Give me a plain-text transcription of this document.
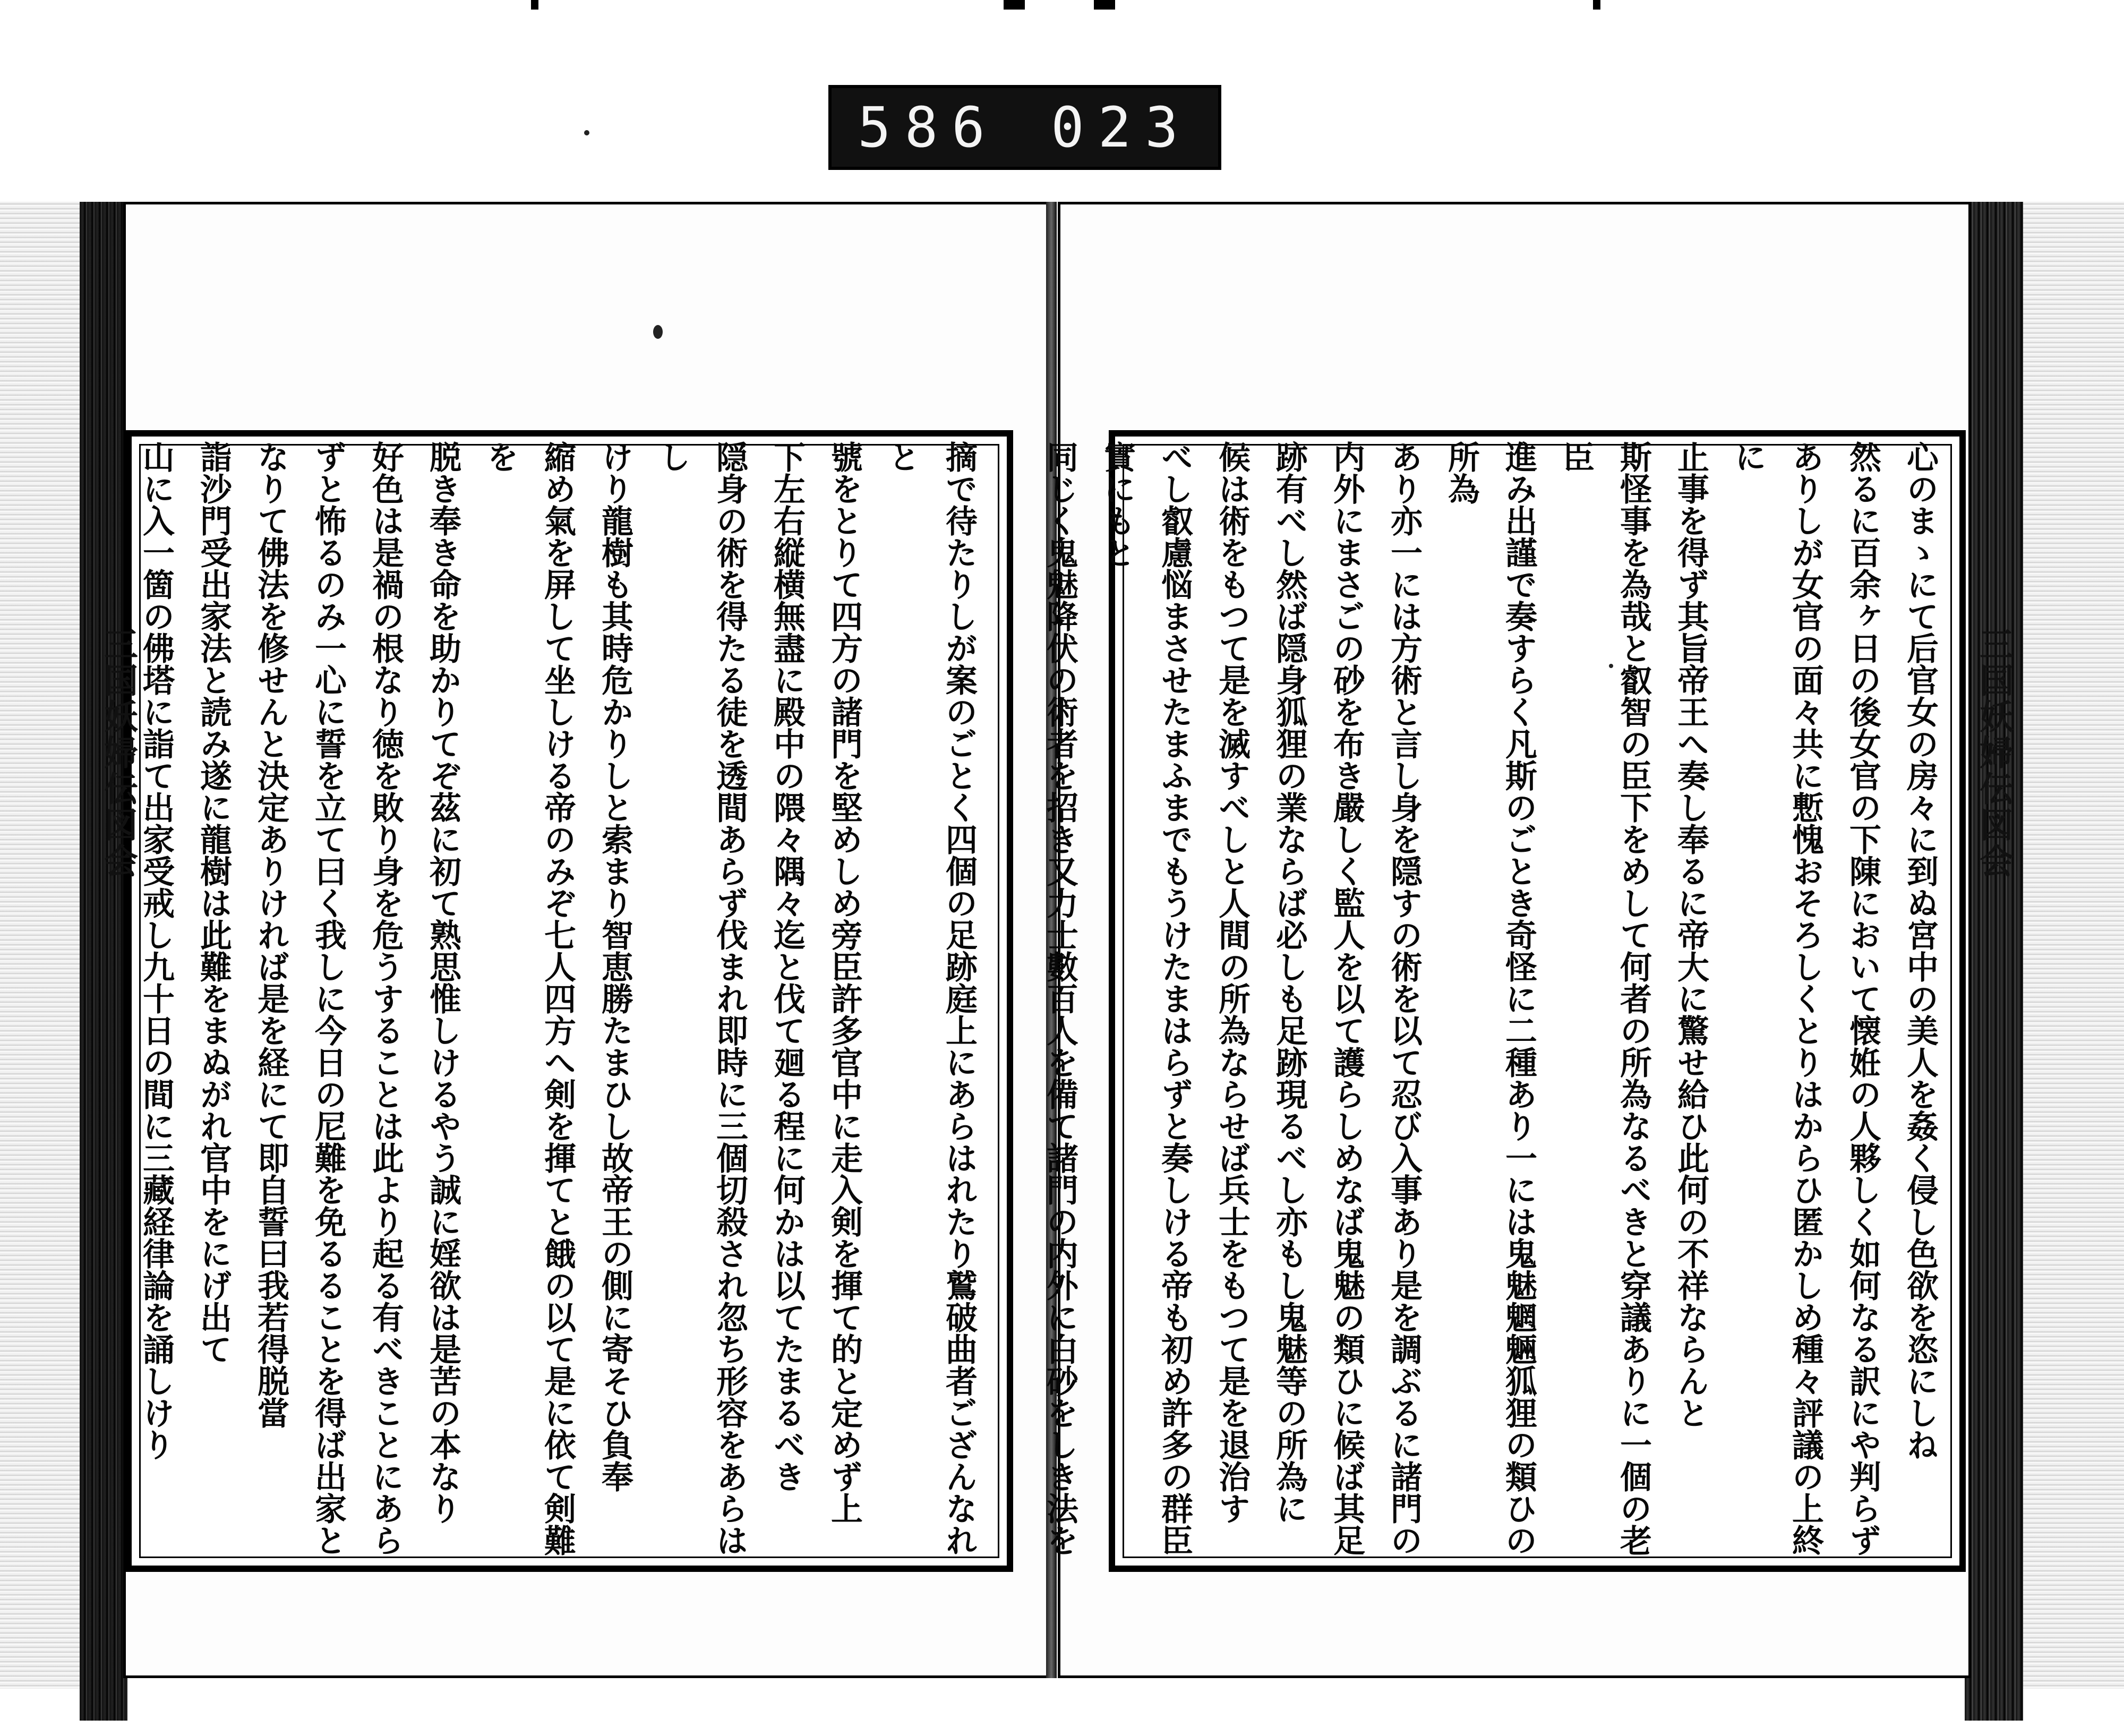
586 023
三国妖婦伝図会	三国妖婦伝図会

心のまゝにて后官女の房々に到ぬ宮中の美人を姦く侵し色欲を恣にしね

然るに百余ヶ日の後女官の下陳において懐姙の人夥しく如何なる訳にや判らず

ありしが女官の面々共に慙愧おそろしくとりはからひ匿かしめ種々評議の上終に

止事を得ず其旨帝王へ奏し奉るに帝大に驚せ給ひ此何の不祥ならんと

斯怪事を為哉と叡智の臣下をめして何者の所為なるべきと穿議ありに一個の老臣

進み出謹で奏すらく凡斯のごとき奇怪に二種あり一には鬼魅魍魎狐狸の類ひの所為

あり亦一には方術と言し身を隠すの術を以て忍び入事あり是を調ぶるに諸門の

内外にまさごの砂を布き嚴しく監人を以て護らしめなば鬼魅の類ひに候ば其足

跡有べし然ば隠身狐狸の業ならば必しも足跡現るべし亦もし鬼魅等の所為に

候は術をもつて是を滅すべしと人間の所為ならせば兵士をもつて是を退治す

べし叡慮悩まさせたまふまでもうけたまはらずと奏しける帝も初め許多の群臣實にもと

同じく鬼魅降伏の術者を招き又力士數百人を備て諸門の内外に白砂をしき法を

摘で待たりしが案のごとく四個の足跡庭上にあらはれたり鷲破曲者ござんなれと

號をとりて四方の諸門を堅めしめ旁臣許多官中に走入剣を揮て的と定めず上

下左右縦横無盡に殿中の隈々隅々迄と伐て廻る程に何かは以てたまるべき

隠身の術を得たる徒を透間あらず伐まれ即時に三個切殺され忽ち形容をあらはし

けり龍樹も其時危かりしと索まり智恵勝たまひし故帝王の側に寄そひ負奉

縮め氣を屏して坐しける帝のみぞ七人四方へ剣を揮てと餓の以て是に依て剣難を

脱き奉き命を助かりてぞ茲に初て熟思惟しけるやう誠に婬欲は是苦の本なり

好色は是禍の根なり徳を敗り身を危うすることは此より起る有べきことにあら

ずと怖るのみ一心に誓を立て曰く我しに今日の尼難を免るることを得ば出家と

なりて佛法を修せんと決定ありければ是を経にて即自誓曰我若得脱當

詣沙門受出家法と読み遂に龍樹は此難をまぬがれ官中をにげ出て

山に入一箇の佛塔に詣て出家受戒し九十日の間に三藏経律論を誦しけり
